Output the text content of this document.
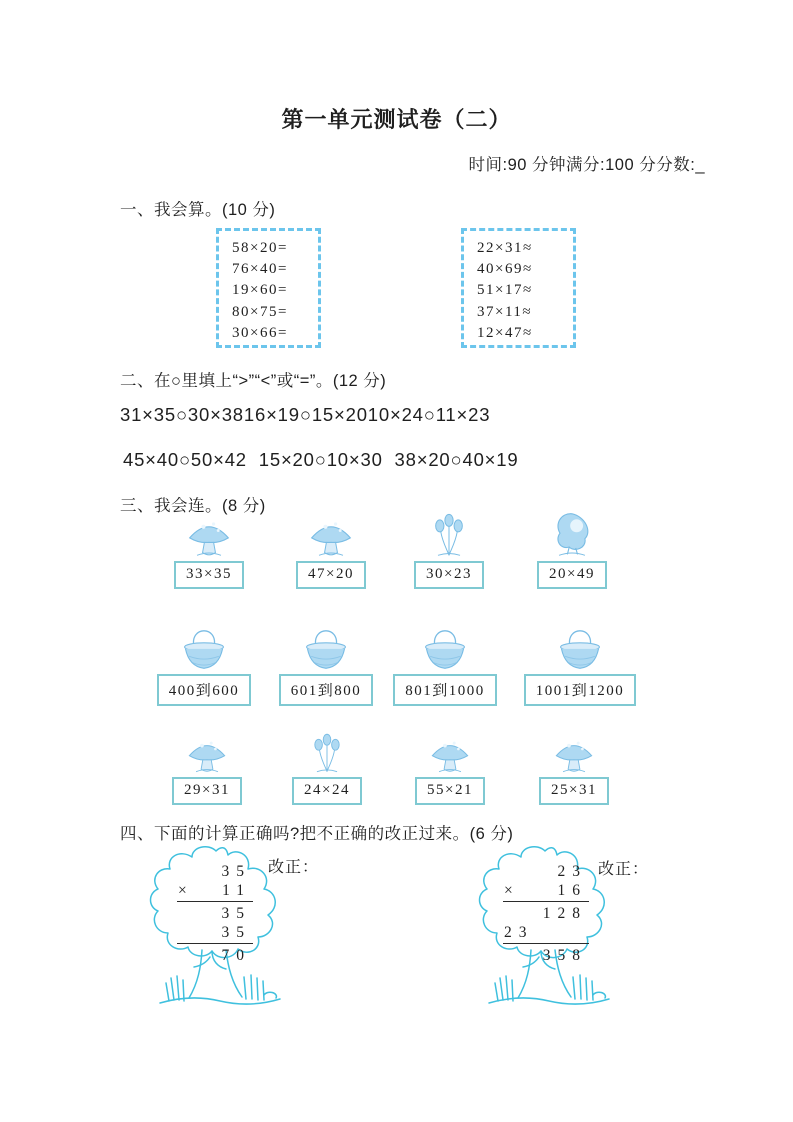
第一单元测试卷（二）
时间:90 分钟满分:100 分分数:_
一、我会算。(10 分)
58×20=
76×40=
19×60=
80×75=
30×66=
22×31≈
40×69≈
51×17≈
37×11≈
12×47≈
二、在○里填上“>”“<”或“=”。(12 分)
31×35○30×3816×19○15×2010×24○11×23
45×40○50×42  15×20○10×30  38×20○40×19
三、我会连。(8 分)
33×35	47×20	30×23	20×49
400到600	601到800	801到1000	1001到1200
29×31	24×24	55×21	25×31
四、下面的计算正确吗?把不正确的改正过来。(6 分)
35
× 11
35
35
70
改正：	23
×	16
128
23
358
改正：
